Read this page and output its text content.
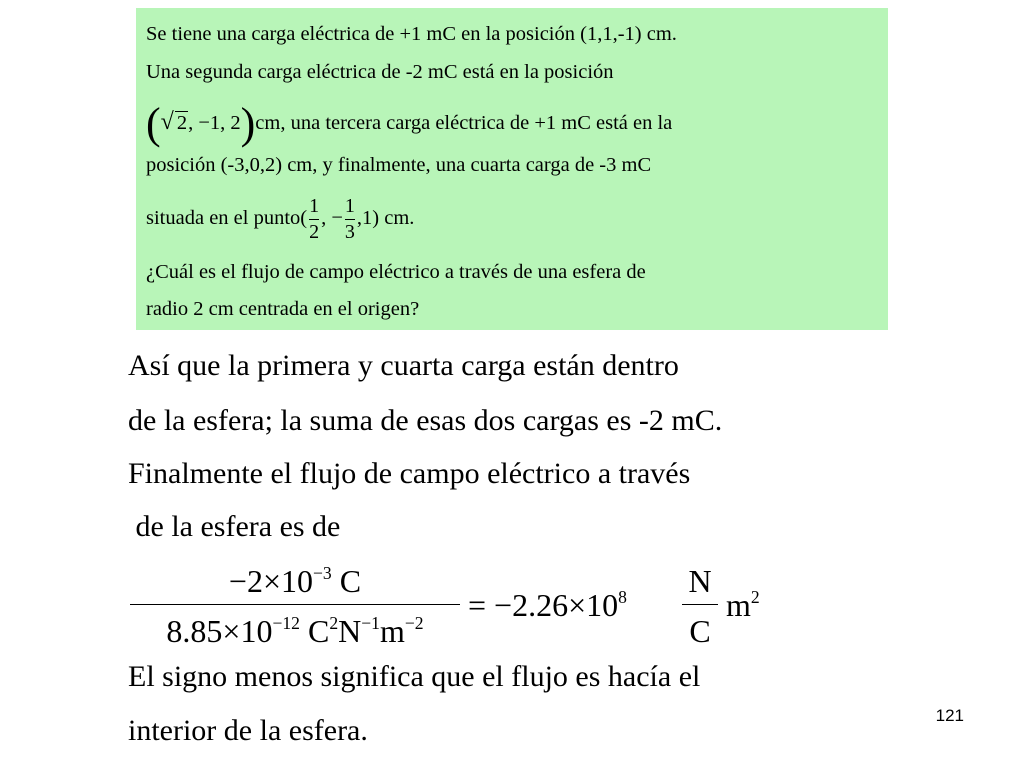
Se tiene una carga eléctrica de +1 mC en la posición (1,1,-1) cm.
Una segunda carga eléctrica de -2 mC está en la posición
(√ 2, −1, 2)cm, una tercera carga eléctrica de +1 mC está en la
posición (-3,0,2) cm, y finalmente, una cuarta carga de -3 mC
situada en el punto( $\frac{1}{2}$ , − $\frac{1}{3} ,1$) cm.
¿Cuál es el flujo de campo eléctrico a través de una esfera de
radio 2 cm centrada en el origen?
Así que la primera y cuarta carga están dentro
de la esfera; la suma de esas dos cargas es -2 mC.
Finalmente el flujo de campo eléctrico a través
de la esfera es de
$-2\times 10^{-3}$ C
$8.85\times 10^{-12}$ $C^2N^{-1}m^{-2}$	= $-2.26\times 10^8$ N
C
$m^2$
El signo menos significa que el flujo es hacía el
interior de la esfera.	121
